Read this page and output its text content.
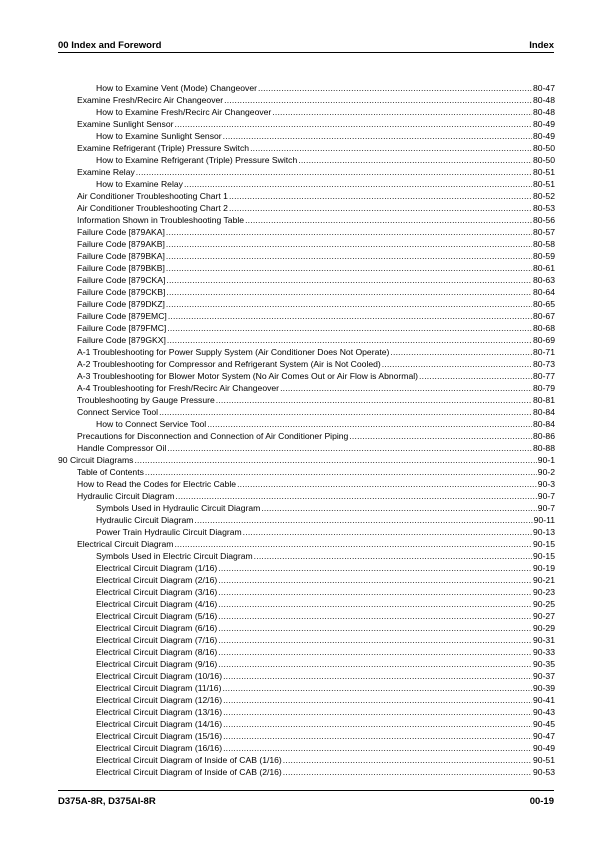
00 Index and Foreword	Index
How to Examine Vent (Mode) Changeover .....	80-47
Examine Fresh/Recirc Air Changeover .....	80-48
How to Examine Fresh/Recirc Air Changeover .....	80-48
Examine Sunlight Sensor .....	80-49
How to Examine Sunlight Sensor .....	80-49
Examine Refrigerant (Triple) Pressure Switch .....	80-50
How to Examine Refrigerant (Triple) Pressure Switch .....	80-50
Examine Relay .....	80-51
How to Examine Relay .....	80-51
Air Conditioner Troubleshooting Chart 1 .....	80-52
Air Conditioner Troubleshooting Chart 2 .....	80-53
Information Shown in Troubleshooting Table .....	80-56
Failure Code [879AKA] .....	80-57
Failure Code [879AKB] .....	80-58
Failure Code [879BKA] .....	80-59
Failure Code [879BKB] .....	80-61
Failure Code [879CKA] .....	80-63
Failure Code [879CKB] .....	80-64
Failure Code [879DKZ] .....	80-65
Failure Code [879EMC] .....	80-67
Failure Code [879FMC] .....	80-68
Failure Code [879GKX] .....	80-69
A-1 Troubleshooting for Power Supply System (Air Conditioner Does Not Operate) .....	80-71
A-2 Troubleshooting for Compressor and Refrigerant System (Air is Not Cooled) .....	80-73
A-3 Troubleshooting for Blower Motor System (No Air Comes Out or Air Flow is Abnormal) .....	80-77
A-4 Troubleshooting for Fresh/Recirc Air Changeover .....	80-79
Troubleshooting by Gauge Pressure .....	80-81
Connect Service Tool .....	80-84
How to Connect Service Tool .....	80-84
Precautions for Disconnection and Connection of Air Conditioner Piping .....	80-86
Handle Compressor Oil .....	80-88
90 Circuit Diagrams .....	90-1
Table of Contents .....	90-2
How to Read the Codes for Electric Cable .....	90-3
Hydraulic Circuit Diagram .....	90-7
Symbols Used in Hydraulic Circuit Diagram .....	90-7
Hydraulic Circuit Diagram .....	90-11
Power Train Hydraulic Circuit Diagram .....	90-13
Electrical Circuit Diagram .....	90-15
Symbols Used in Electric Circuit Diagram .....	90-15
Electrical Circuit Diagram (1/16) .....	90-19
Electrical Circuit Diagram (2/16) .....	90-21
Electrical Circuit Diagram (3/16) .....	90-23
Electrical Circuit Diagram (4/16) .....	90-25
Electrical Circuit Diagram (5/16) .....	90-27
Electrical Circuit Diagram (6/16) .....	90-29
Electrical Circuit Diagram (7/16) .....	90-31
Electrical Circuit Diagram (8/16) .....	90-33
Electrical Circuit Diagram (9/16) .....	90-35
Electrical Circuit Diagram (10/16) .....	90-37
Electrical Circuit Diagram (11/16) .....	90-39
Electrical Circuit Diagram (12/16) .....	90-41
Electrical Circuit Diagram (13/16) .....	90-43
Electrical Circuit Diagram (14/16) .....	90-45
Electrical Circuit Diagram (15/16) .....	90-47
Electrical Circuit Diagram (16/16) .....	90-49
Electrical Circuit Diagram of Inside of CAB (1/16) .....	90-51
Electrical Circuit Diagram of Inside of CAB (2/16) .....	90-53
D375A-8R, D375AI-8R	00-19
